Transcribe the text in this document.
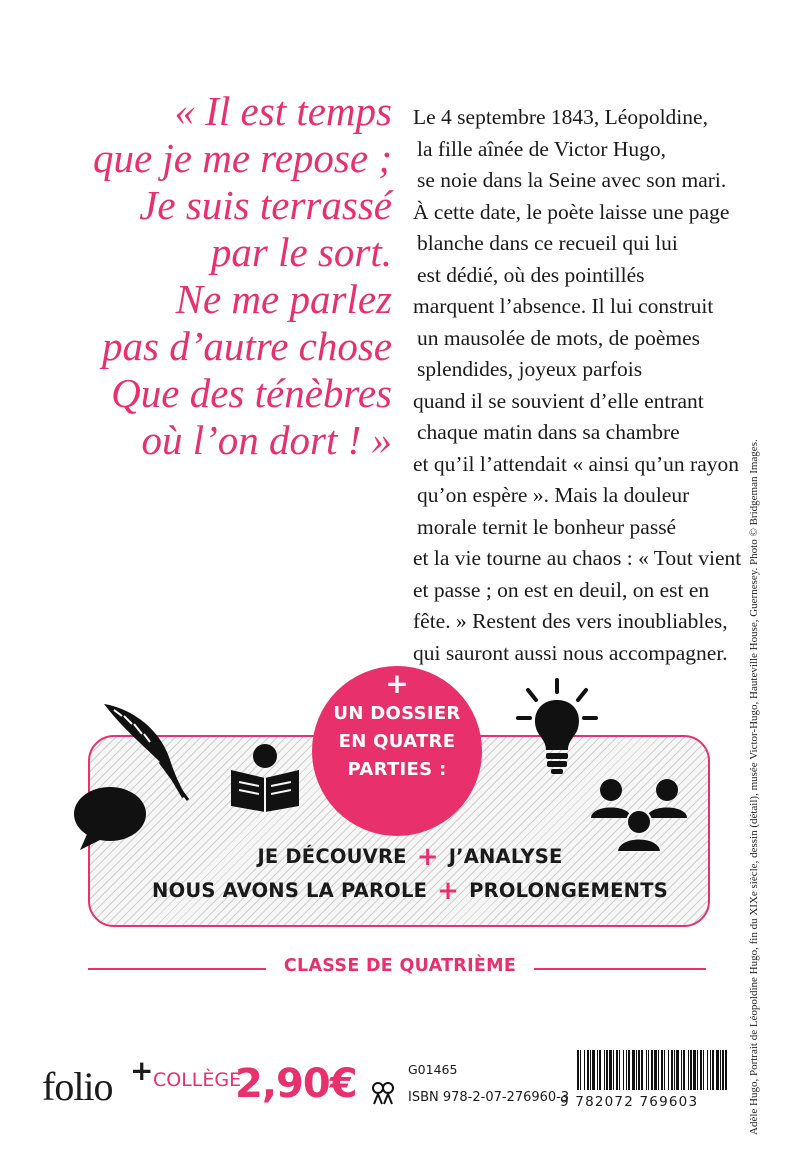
« Il est temps
que je me repose ;
Je suis terrassé
par le sort.
Ne me parlez
pas d’autre chose
Que des ténèbres
où l’on dort ! »

Le 4 septembre 1843, Léopoldine,
la fille aînée de Victor Hugo,
se noie dans la Seine avec son mari.
À cette date, le poète laisse une page
blanche dans ce recueil qui lui
est dédié, où des pointillés
marquent l’absence. Il lui construit
un mausolée de mots, de poèmes
splendides, joyeux parfois
quand il se souvient d’elle entrant
chaque matin dans sa chambre
et qu’il l’attendait « ainsi qu’un rayon
qu’on espère ». Mais la douleur
morale ternit le bonheur passé
et la vie tourne au chaos : « Tout vient
et passe ; on est en deuil, on est en
fête. » Restent des vers inoubliables,
qui sauront aussi nous accompagner.

+
UN DOSSIER
EN QUATRE
PARTIES :
JE DÉCOUVRE + J’ANALYSE
NOUS AVONS LA PAROLE + PROLONGEMENTS
CLASSE DE QUATRIÈME
folio + COLLÈGE
2,90€	G01465
ISBN 978-2-07-276960-3
9 782072 769603	Adèle Hugo, Portrait de Léopoldine Hugo, fin du XIXe siècle, dessin (détail), musée Victor-Hugo, Hauteville House, Guernesey. Photo © Bridgeman Images.
